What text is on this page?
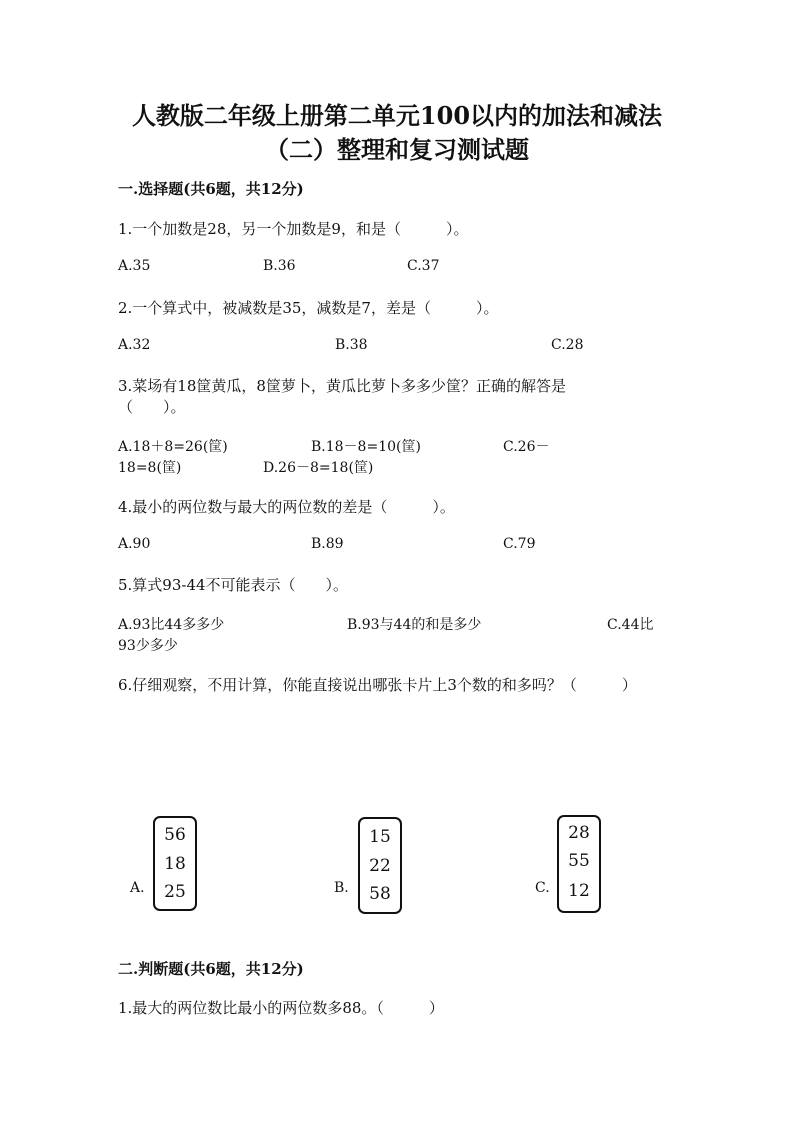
人教版二年级上册第二单元100以内的加法和减法
（二）整理和复习测试题
一.选择题(共6题，共12分)
1.一个加数是28，另一个加数是9，和是（　　　）。
A.35	B.36	C.37
2.一个算式中，被减数是35，减数是7，差是（　　　）。
A.32	B.38	C.28
3.菜场有18筐黄瓜，8筐萝卜，黄瓜比萝卜多多少筐？正确的解答是
（　　）。
A.18＋8=26(筐)	B.18－8=10(筐)	C.26－
18=8(筐)	D.26－8=18(筐)
4.最小的两位数与最大的两位数的差是（　　　）。
A.90	B.89	C.79
5.算式93-44不可能表示（　　）。
A.93比44多多少	B.93与44的和是多少	C.44比
93少多少
6.仔细观察，不用计算，你能直接说出哪张卡片上3个数的和多吗？（　　　）
A.
56
18
25	B.
15
22
58	C.
28
55
12
二.判断题(共6题，共12分)
1.最大的两位数比最小的两位数多88。（　　　）
